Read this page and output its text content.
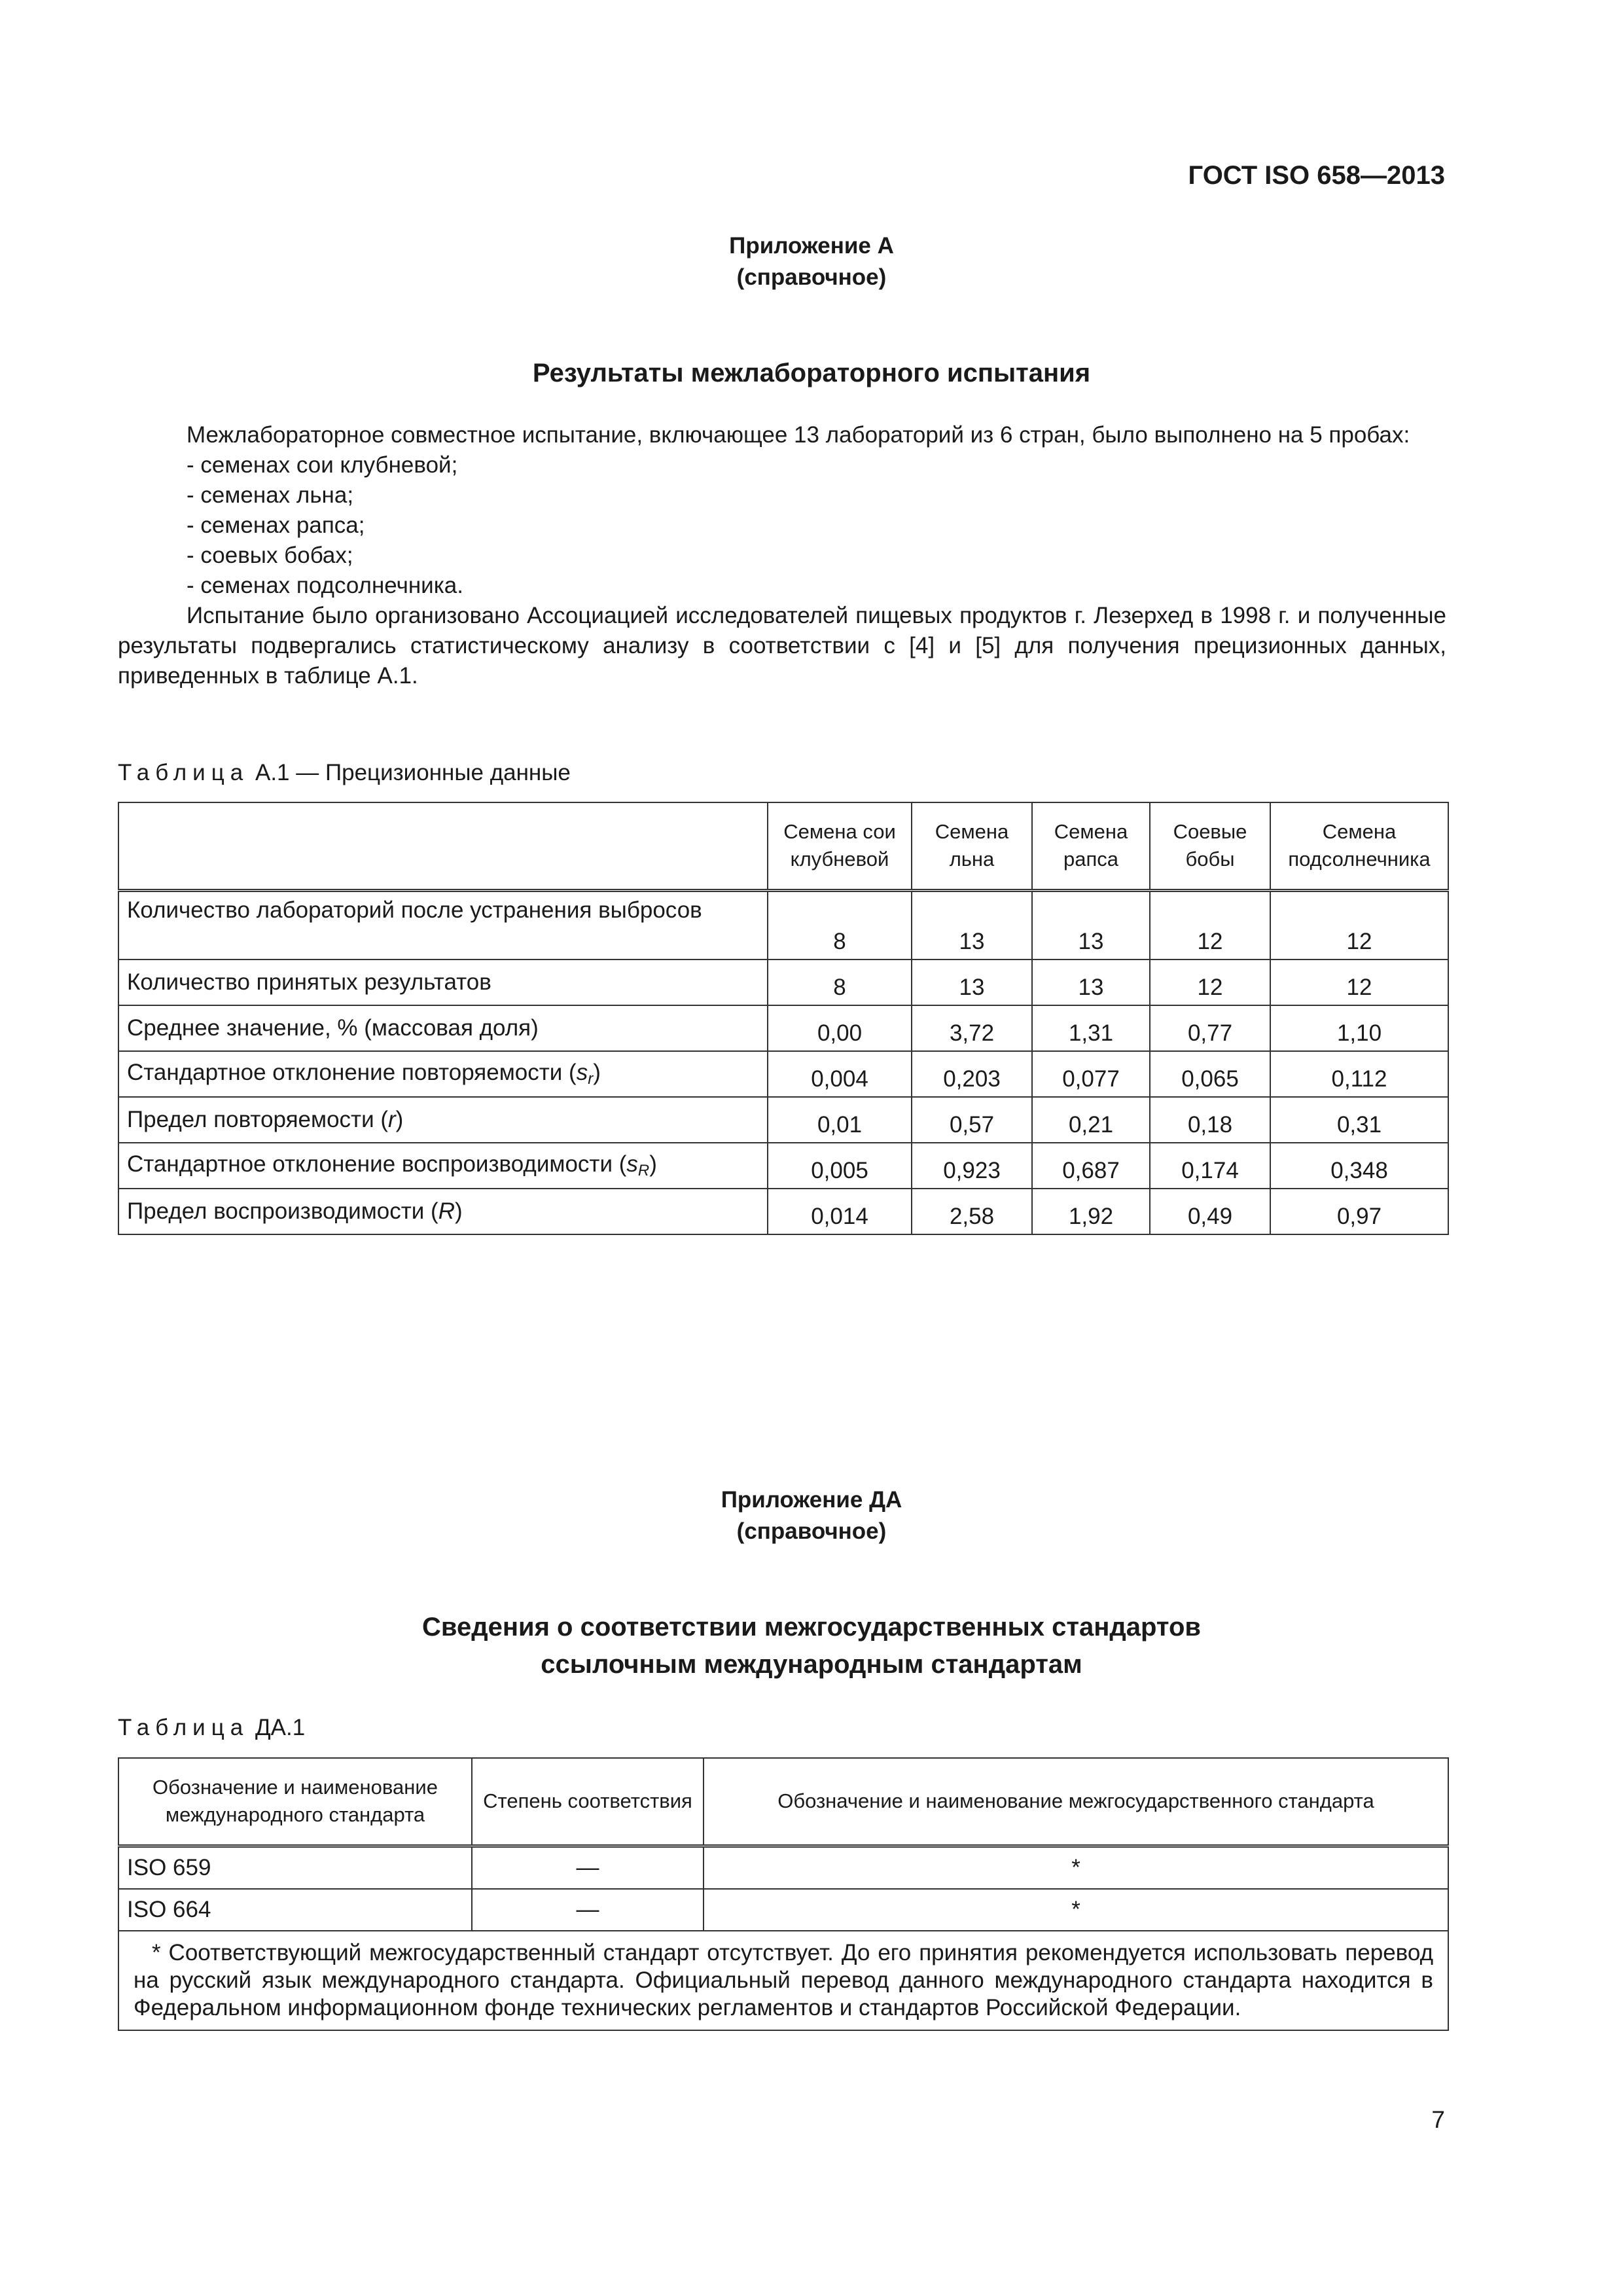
ГОСТ ISO 658—2013
Приложение А
(справочное)
Результаты межлабораторного испытания

Межлабораторное совместное испытание, включающее 13 лабораторий из 6 стран, было выполнено на 5 пробах:

- семенах сои клубневой;

- семенах льна;

- семенах рапса;

- соевых бобах;

- семенах подсолнечника.

Испытание было организовано Ассоциацией исследователей пищевых продуктов г. Лезерхед в 1998 г. и полученные результаты подвергались статистическому анализу в соответствии с [4] и [5] для получения прецизионных данных, приведенных в таблице А.1.

Таблица А.1 — Прецизионные данные
	Семена сои клубневой	Семена льна	Семена рапса	Соевые бобы	Семена подсолнечника
Количество лабораторий после устранения выбросов	8	13	13	12	12
Количество принятых результатов	8	13	13	12	12
Среднее значение, % (массовая доля)	0,00	3,72	1,31	0,77	1,10
Стандартное отклонение повторяемости $(s_r)$	0,004	0,203	0,077	0,065	0,112
Предел повторяемости (r)	0,01	0,57	0,21	0,18	0,31
Стандартное отклонение воспроизводимости $(s_R)$	0,005	0,923	0,687	0,174	0,348
Предел воспроизводимости (R)	0,014	2,58	1,92	0,49	0,97
Приложение ДА
(справочное)
Сведения о соответствии межгосударственных стандартов
ссылочным международным стандартам
Таблица ДА.1
Обозначение и наименование международного стандарта	Степень соответствия	Обозначение и наименование межгосударственного стандарта
ISO 659	—	*
ISO 664	—	*
* Соответствующий межгосударственный стандарт отсутствует. До его принятия рекомендуется использовать перевод на русский язык международного стандарта. Официальный перевод данного международного стандарта находится в Федеральном информационном фонде технических регламентов и стандартов Российской Федерации.		
7
